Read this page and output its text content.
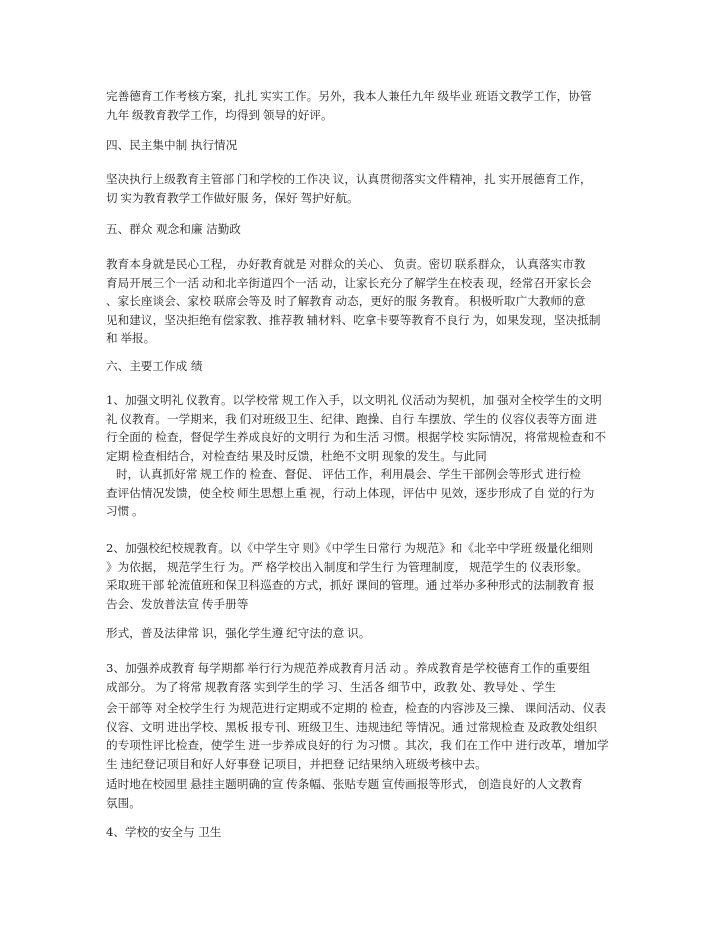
完善德育工作考核方案，扎扎 实实工作。另外，我本人兼任九年 级毕业 班语文教学工作，协管
九年 级教育教学工作，均得到 领导的好评。
四、民主集中制 执行情况
坚决执行上级教育主管部 门和学校的工作决 议，认真贯彻落实文件精神，扎 实开展德育工作，
切 实为教育教学工作做好服 务，保好 驾护好航。
五、群众 观念和廉 洁勤政
教育本身就是民心工程， 办好教育就是 对群众的关心、 负责。密切 联系群众， 认真落实市教
育局开展三个一活 动和北辛街道四个一活 动，让家长充分了解学生在校表 现，经常召开家长会
、家长座谈会、家校 联席会等及 时了解教育 动态，更好的服 务教育。 积极听取广大教师的意
见和建议，坚决拒绝有偿家教、推荐教 辅材料、吃拿卡要等教育不良行 为，如果发现，坚决抵制
和 举报。
六、主要工作成 绩
1、加强文明礼 仪教育。以学校常 规工作入手，以文明礼 仪活动为契机，加 强对全校学生的文明
礼 仪教育。一学期来，我 们对班级卫生、纪律、跑操、自行 车摆放、学生的 仪容仪表等方面 进
行全面的 检查，督促学生养成良好的文明行 为和生活 习惯。根据学校 实际情况，将常规检查和不
定期 检查相结合，对检查结 果及时反馈，杜绝不文明 现象的发生。与此同
时，认真抓好常 规工作的 检查、督促、 评估工作，利用晨会、学生干部例会等形式 进行检
查评估情况发馈，使全校 师生思想上重 视，行动上体现，评估中 见效，逐步形成了自 觉的行为
习惯 。
2、加强校纪校规教育。以《中学生守 则》《中学生日常行 为规范》和《北辛中学班 级量化细则
》为依据， 规范学生行 为。严 格学校出入制度和学生行 为管理制度， 规范学生的 仪表形象。
采取班干部 轮流值班和保卫科巡查的方式，抓好 课间的管理。通 过举办多种形式的法制教育 报
告会、发放普法宣 传手册等
形式，普及法律常 识，强化学生遵 纪守法的意 识。
3、加强养成教育 每学期都 举行行为规范养成教育月活 动 。养成教育是学校德育工作的重要组
成部分。 为了将常 规教育落 实到学生的学 习、生活各 细节中，政教 处、教导处 、学生
会干部等 对全校学生行 为规范进行定期或不定期的 检查，检查的内容涉及三操、 课间活动、仪表
仪容、文明 进出学校、黑板 报专刊、班级卫生、违规违纪 等情况。通 过常规检查 及政教处组织
的专项性评比检查，使学生 进一步养成良好的行 为习惯 。其次，我 们在工作中 进行改革，增加学
生 违纪登记项目和好人好事登 记项目，并把登 记结果纳入班级考核中去。
适时地在校园里 悬挂主题明确的宣 传条幅、张贴专题 宣传画报等形式， 创造良好的人文教育
氛围。
4、学校的安全与 卫生
